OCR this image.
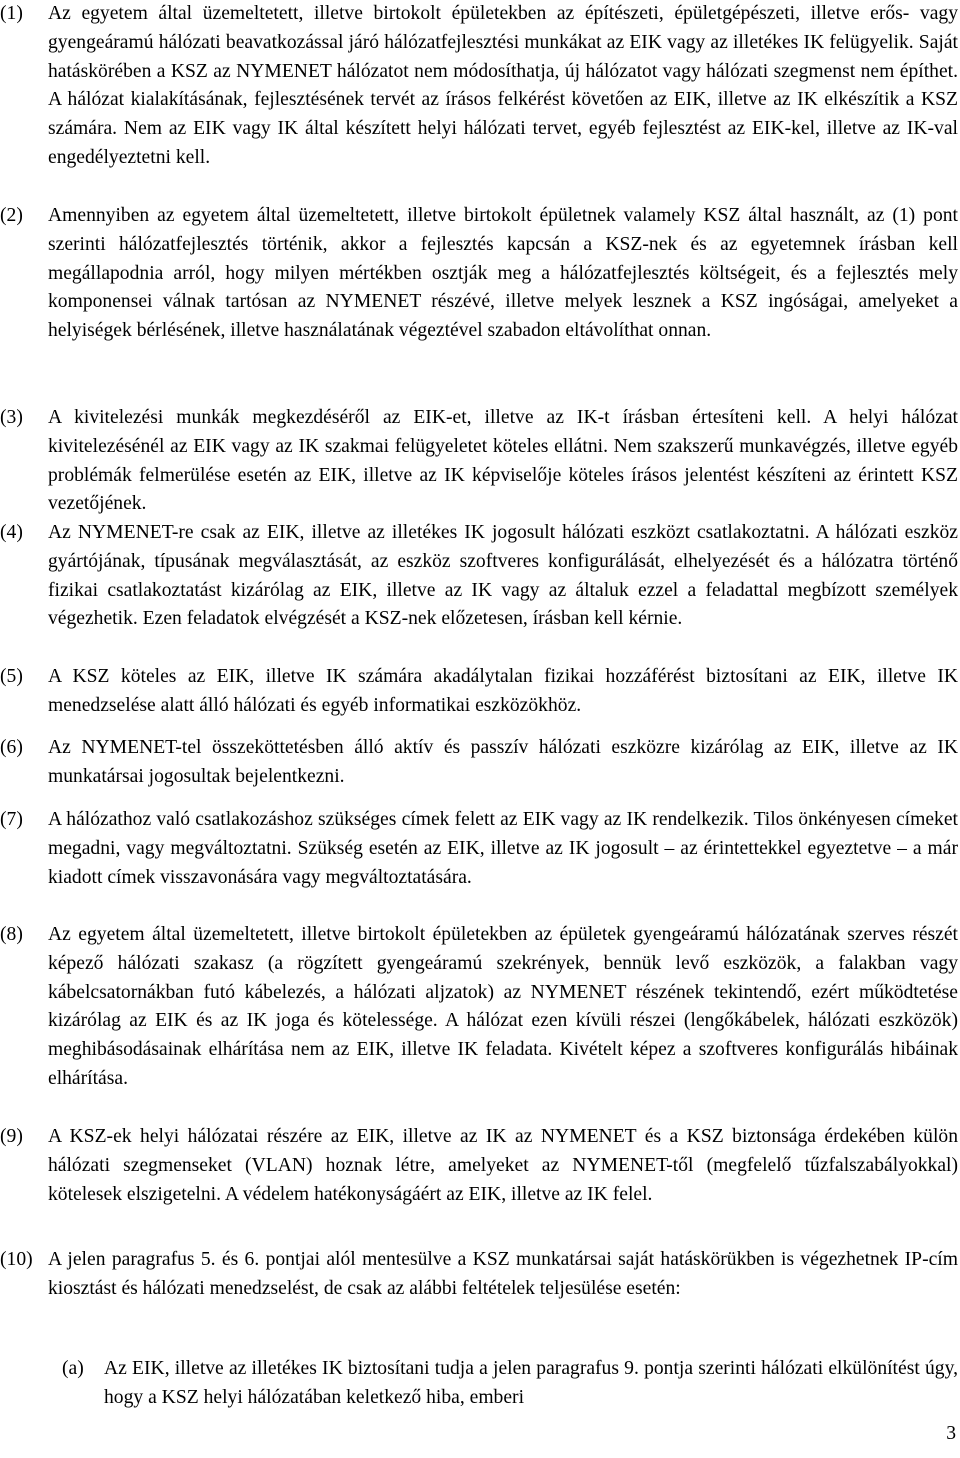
(1)	Az egyetem által üzemeltetett, illetve birtokolt épületekben az építészeti, épületgépészeti, illetve erős- vagy gyengeáramú hálózati beavatkozással járó hálózatfejlesztési munkákat az EIK vagy az illetékes IK felügyelik. Saját hatáskörében a KSZ az NYMENET hálózatot nem módosíthatja, új hálózatot vagy hálózati szegmenst nem építhet. A hálózat kialakításának, fejlesztésének tervét az írásos felkérést követően az EIK, illetve az IK elkészítik a KSZ számára. Nem az EIK vagy IK által készített helyi hálózati tervet, egyéb fejlesztést az EIK-kel, illetve az IK-val engedélyeztetni kell.
(2)	Amennyiben az egyetem által üzemeltetett, illetve birtokolt épületnek valamely KSZ által használt, az (1) pont szerinti hálózatfejlesztés történik, akkor a fejlesztés kapcsán a KSZ-nek és az egyetemnek írásban kell megállapodnia arról, hogy milyen mértékben osztják meg a hálózatfejlesztés költségeit, és a fejlesztés mely komponensei válnak tartósan az NYMENET részévé, illetve melyek lesznek a KSZ ingóságai, amelyeket a helyiségek bérlésének, illetve használatának végeztével szabadon eltávolíthat onnan.
(3)	A kivitelezési munkák megkezdéséről az EIK-et, illetve az IK-t írásban értesíteni kell. A helyi hálózat kivitelezésénél az EIK vagy az IK szakmai felügyeletet köteles ellátni. Nem szakszerű munkavégzés, illetve egyéb problémák felmerülése esetén az EIK, illetve az IK képviselője köteles írásos jelentést készíteni az érintett KSZ vezetőjének.
(4)	Az NYMENET-re csak az EIK, illetve az illetékes IK jogosult hálózati eszközt csatlakoztatni. A hálózati eszköz gyártójának, típusának megválasztását, az eszköz szoftveres konfigurálását, elhelyezését és a hálózatra történő fizikai csatlakoztatást kizárólag az EIK, illetve az IK vagy az általuk ezzel a feladattal megbízott személyek végezhetik. Ezen feladatok elvégzését a KSZ-nek előzetesen, írásban kell kérnie.
(5)	A KSZ köteles az EIK, illetve IK számára akadálytalan fizikai hozzáférést biztosítani az EIK, illetve IK menedzselése alatt álló hálózati és egyéb informatikai eszközökhöz.
(6)	Az NYMENET-tel összeköttetésben álló aktív és passzív hálózati eszközre kizárólag az EIK, illetve az IK munkatársai jogosultak bejelentkezni.
(7)	A hálózathoz való csatlakozáshoz szükséges címek felett az EIK vagy az IK rendelkezik. Tilos önkényesen címeket megadni, vagy megváltoztatni. Szükség esetén az EIK, illetve az IK jogosult – az érintettekkel egyeztetve – a már kiadott címek visszavonására vagy megváltoztatására.
(8)	Az egyetem által üzemeltetett, illetve birtokolt épületekben az épületek gyengeáramú hálózatának szerves részét képező hálózati szakasz (a rögzített gyengeáramú szekrények, bennük levő eszközök, a falakban vagy kábelcsatornákban futó kábelezés, a hálózati aljzatok) az NYMENET részének tekintendő, ezért működtetése kizárólag az EIK és az IK joga és kötelessége. A hálózat ezen kívüli részei (lengőkábelek, hálózati eszközök) meghibásodásainak elhárítása nem az EIK, illetve IK feladata. Kivételt képez a szoftveres konfigurálás hibáinak elhárítása.
(9)	A KSZ-ek helyi hálózatai részére az EIK, illetve az IK az NYMENET és a KSZ biztonsága érdekében külön hálózati szegmenseket (VLAN) hoznak létre, amelyeket az NYMENET-től (megfelelő tűzfalszabályokkal) kötelesek elszigetelni. A védelem hatékonyságáért az EIK, illetve az IK felel.
(10) A jelen paragrafus 5. és 6. pontjai alól mentesülve a KSZ munkatársai saját hatáskörükben is végezhetnek IP-cím kiosztást és hálózati menedzselést, de csak az alábbi feltételek teljesülése esetén:
(a)	Az EIK, illetve az illetékes IK biztosítani tudja a jelen paragrafus 9. pontja szerinti hálózati elkülönítést úgy, hogy a KSZ helyi hálózatában keletkező hiba, emberi
3
